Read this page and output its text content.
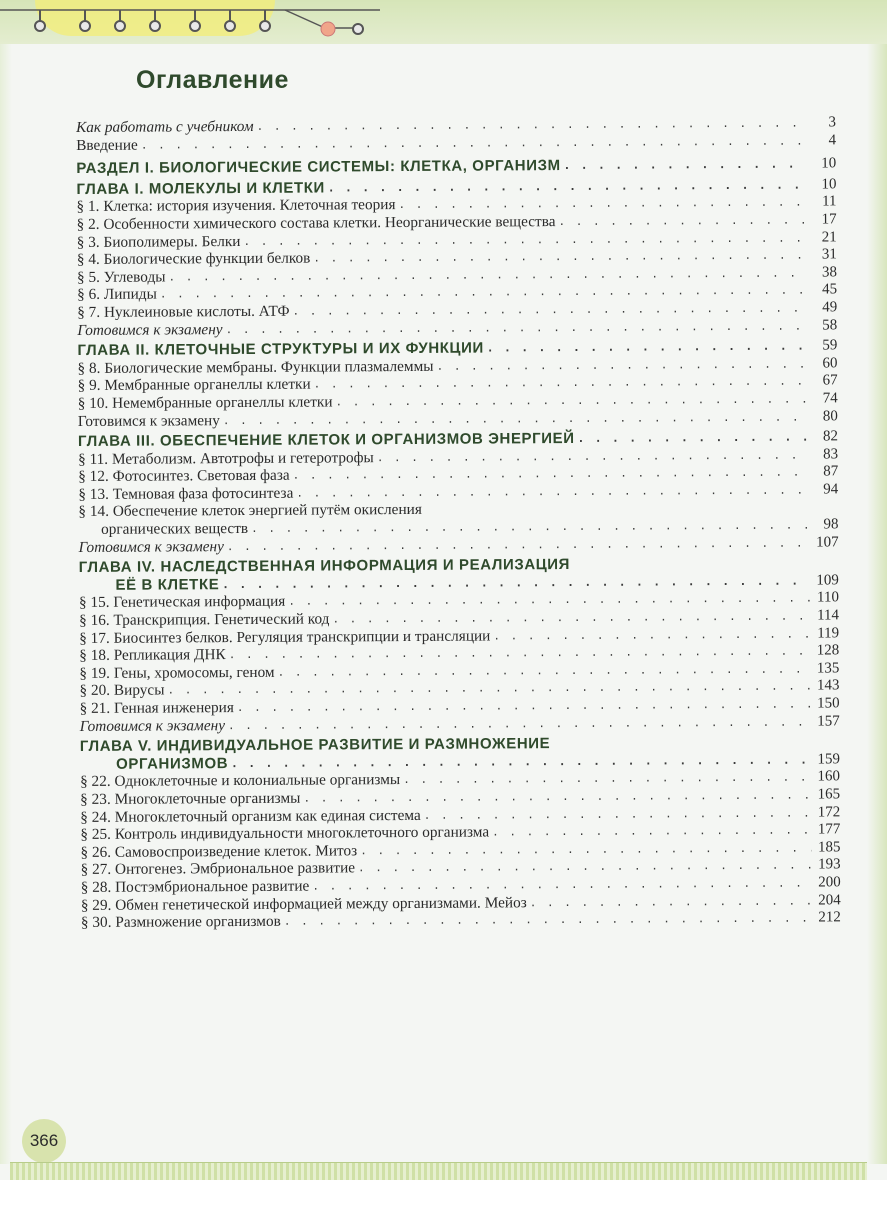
Оглавление
Как работать с учебником . . .	3
Введение . . .	4
РАЗДЕЛ I. БИОЛОГИЧЕСКИЕ СИСТЕМЫ: КЛЕТКА, ОРГАНИЗМ . . .	10
ГЛАВА I. МОЛЕКУЛЫ И КЛЕТКИ . . .	10
§ 1. Клетка: история изучения. Клеточная теория . . .	11
§ 2. Особенности химического состава клетки. Неорганические вещества . . .	17
§ 3. Биополимеры. Белки . . .	21
§ 4. Биологические функции белков . . .	31
§ 5. Углеводы . . .	38
§ 6. Липиды . . .	45
§ 7. Нуклеиновые кислоты. АТФ . . .	49
Готовимся к экзамену . . .	58
ГЛАВА II. КЛЕТОЧНЫЕ СТРУКТУРЫ И ИХ ФУНКЦИИ . . .	59
§ 8. Биологические мембраны. Функции плазмалеммы . . .	60
§ 9. Мембранные органеллы клетки . . .	67
§ 10. Немембранные органеллы клетки . . .	74
Готовимся к экзамену . . .	80
ГЛАВА III. ОБЕСПЕЧЕНИЕ КЛЕТОК И ОРГАНИЗМОВ ЭНЕРГИЕЙ . . .	82
§ 11. Метаболизм. Автотрофы и гетеротрофы . . .	83
§ 12. Фотосинтез. Световая фаза . . .	87
§ 13. Темновая фаза фотосинтеза . . .	94
§ 14. Обеспечение клеток энергией путём окисления
органических веществ . . .	98
Готовимся к экзамену . . .	107
ГЛАВА IV. НАСЛЕДСТВЕННАЯ ИНФОРМАЦИЯ И РЕАЛИЗАЦИЯ
ЕЁ В КЛЕТКЕ . . .	109
§ 15. Генетическая информация . . .	110
§ 16. Транскрипция. Генетический код . . .	114
§ 17. Биосинтез белков. Регуляция транскрипции и трансляции . . .	119
§ 18. Репликация ДНК . . .	128
§ 19. Гены, хромосомы, геном . . .	135
§ 20. Вирусы . . .	143
§ 21. Генная инженерия . . .	150
Готовимся к экзамену . . .	157
ГЛАВА V. ИНДИВИДУАЛЬНОЕ РАЗВИТИЕ И РАЗМНОЖЕНИЕ
ОРГАНИЗМОВ . . .	159
§ 22. Одноклеточные и колониальные организмы . . .	160
§ 23. Многоклеточные организмы . . .	165
§ 24. Многоклеточный организм как единая система . . .	172
§ 25. Контроль индивидуальности многоклеточного организма . . .	177
§ 26. Самовоспроизведение клеток. Митоз . . .	185
§ 27. Онтогенез. Эмбриональное развитие . . .	193
§ 28. Постэмбриональное развитие . . .	200
§ 29. Обмен генетической информацией между организмами. Мейоз . . .	204
§ 30. Размножение организмов . . .	212
366
